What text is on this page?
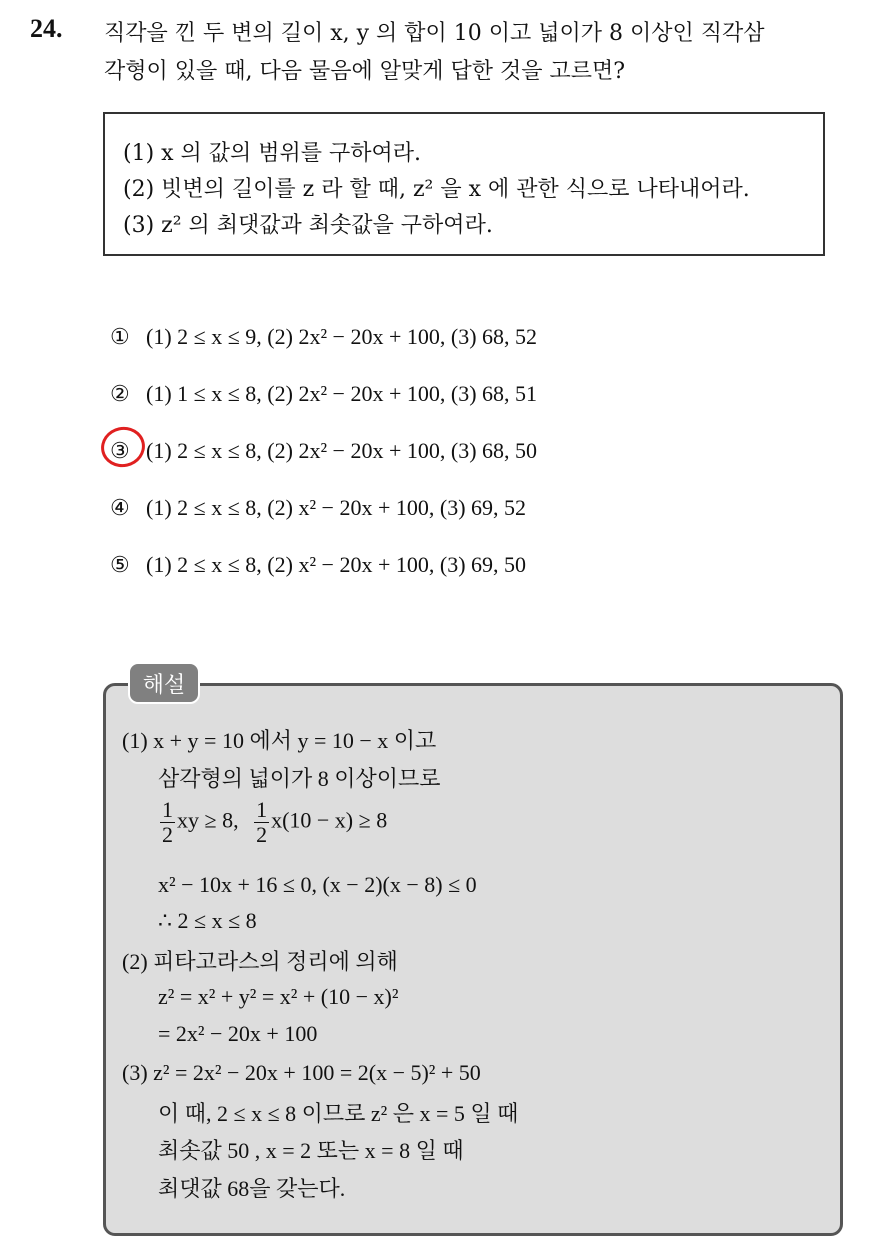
24. 직각을 낀 두 변의 길이 x, y 의 합이 10 이고 넓이가 8 이상인 직각삼
각형이 있을 때, 다음 물음에 알맞게 답한 것을 고르면?
(1) x 의 값의 범위를 구하여라.
(2) 빗변의 길이를 z 라 할 때, z² 을 x 에 관한 식으로 나타내어라.
(3) z² 의 최댓값과 최솟값을 구하여라.
① (1) 2 ≤ x ≤ 9, (2) 2x² − 20x + 100, (3) 68, 52
② (1) 1 ≤ x ≤ 8, (2) 2x² − 20x + 100, (3) 68, 51
③ (1) 2 ≤ x ≤ 8, (2) 2x² − 20x + 100, (3) 68, 50
④ (1) 2 ≤ x ≤ 8, (2) x² − 20x + 100, (3) 69, 52
⑤ (1) 2 ≤ x ≤ 8, (2) x² − 20x + 100, (3) 69, 50
해설
(1) x + y = 10 에서 y = 10 − x 이고
삼각형의 넓이가 8 이상이므로
$\frac{1}{2}$ xy ≥ 8, $\frac{1}{2} x(10 - x) \ge 8$
x² − 10x + 16 ≤ 0, (x − 2)(x − 8) ≤ 0
∴ 2 ≤ x ≤ 8
(2) 피타고라스의 정리에 의해
z² = x² + y² = x² + (10 − x)²
= 2x² − 20x + 100
(3) z² = 2x² − 20x + 100 = 2(x − 5)² + 50
이 때, 2 ≤ x ≤ 8 이므로 z² 은 x = 5 일 때
최솟값 50 , x = 2 또는 x = 8 일 때
최댓값 68을 갖는다.
